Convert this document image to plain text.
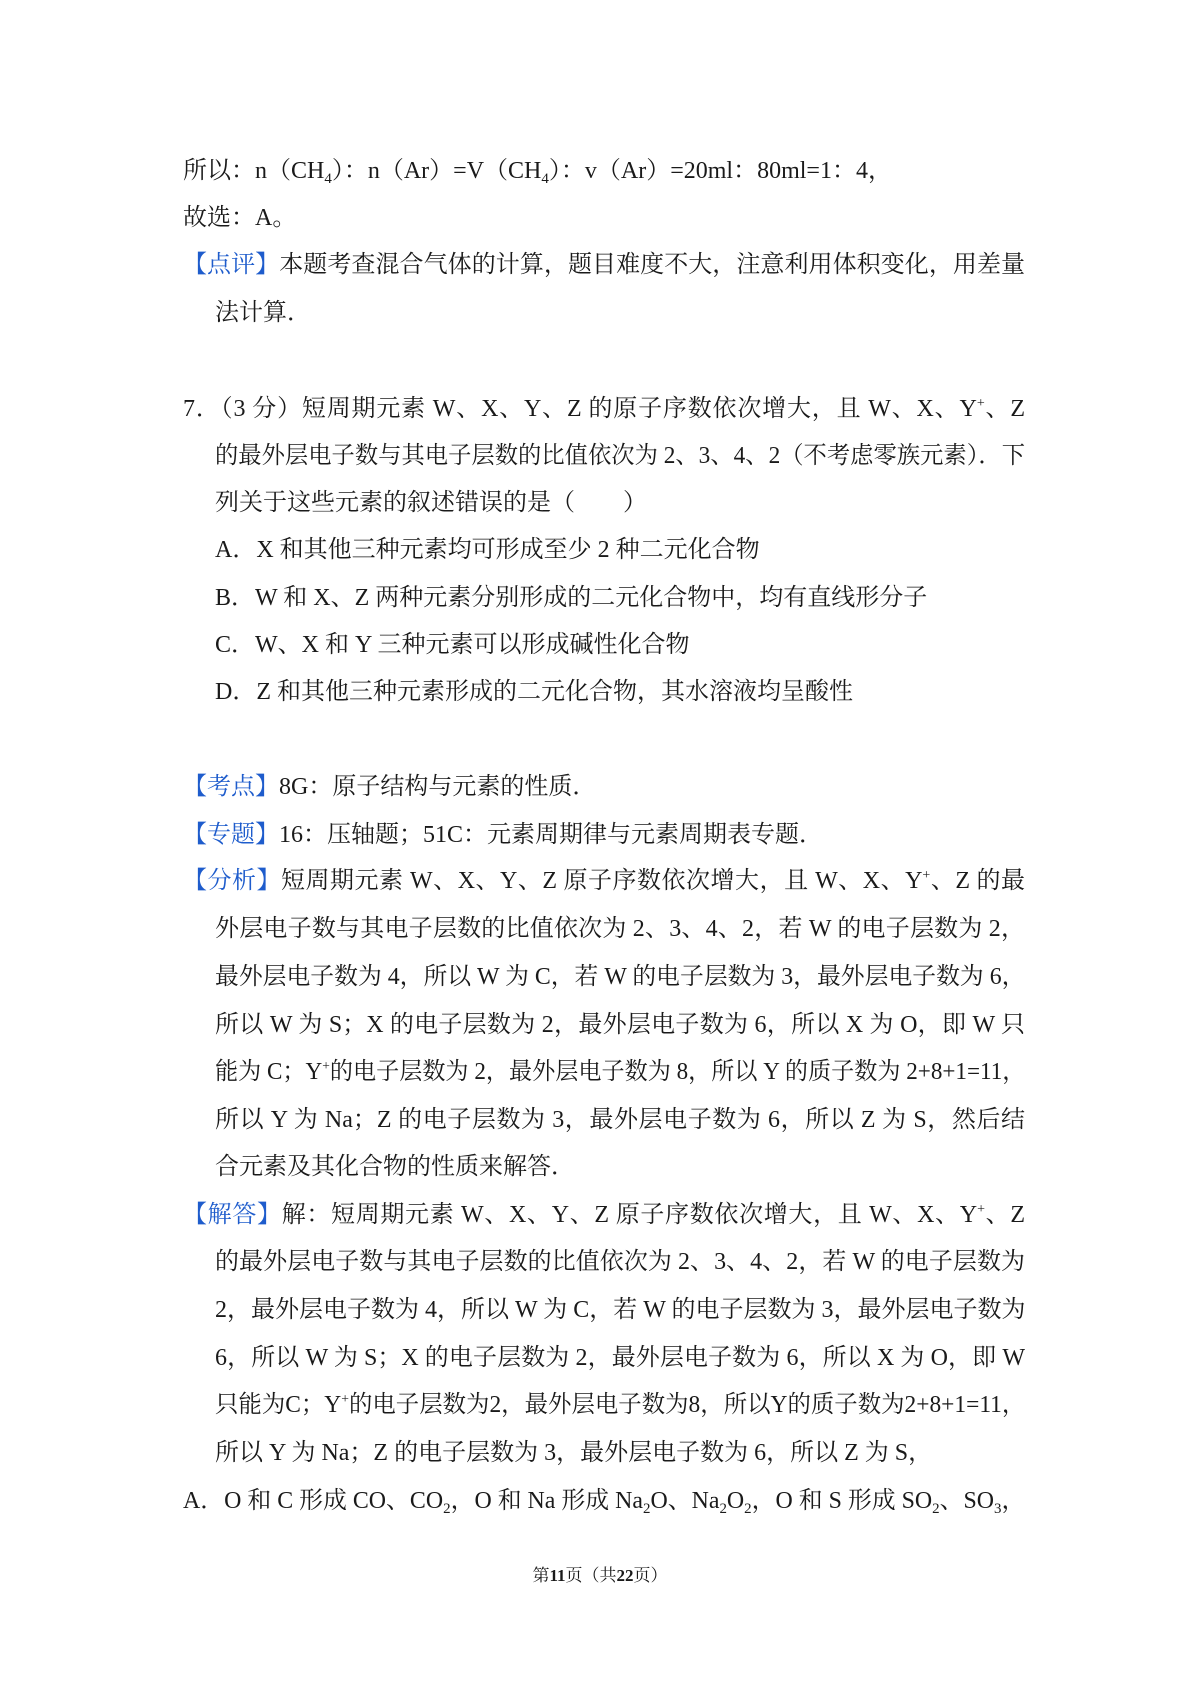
所以：$n(CH_4)$：$n(Ar)=V(CH_4)$：v（Ar）=20ml：80ml=1：4，
故选：A。
【点评】本题考查混合气体的计算，题目难度不大，注意利用体积变化，用差量
法计算．
7．（3 分）短周期元素 W、X、Y、Z 的原子序数依次增大，且 W、X、Y+、Z
的最外层电子数与其电子层数的比值依次为 2、3、4、2（不考虑零族元素）．下
列关于这些元素的叙述错误的是（　　）
A．X 和其他三种元素均可形成至少 2 种二元化合物
B．W 和 X、Z 两种元素分别形成的二元化合物中，均有直线形分子
C．W、X 和 Y 三种元素可以形成碱性化合物
D．Z 和其他三种元素形成的二元化合物，其水溶液均呈酸性
【考点】8G：原子结构与元素的性质．
【专题】16：压轴题；51C：元素周期律与元素周期表专题．
【分析】短周期元素 W、X、Y、Z 原子序数依次增大，且 W、X、Y+、Z 的最
外层电子数与其电子层数的比值依次为 2、3、4、2，若 W 的电子层数为 2，
最外层电子数为 4，所以 W 为 C，若 W 的电子层数为 3，最外层电子数为 6，
所以 W 为 S；X 的电子层数为 2，最外层电子数为 6，所以 X 为 O，即 W 只
能为 C；Y+的电子层数为 2，最外层电子数为 8，所以 Y 的质子数为 2+8+1=11，
所以 Y 为 Na；Z 的电子层数为 3，最外层电子数为 6，所以 Z 为 S，然后结
合元素及其化合物的性质来解答．
【解答】解：短周期元素 W、X、Y、Z 原子序数依次增大，且 W、X、Y+、Z
的最外层电子数与其电子层数的比值依次为 2、3、4、2，若 W 的电子层数为
2，最外层电子数为 4，所以 W 为 C，若 W 的电子层数为 3，最外层电子数为
6，所以 W 为 S；X 的电子层数为 2，最外层电子数为 6，所以 X 为 O，即 W
只能为C；Y+的电子层数为2，最外层电子数为8，所以Y的质子数为2+8+1=11，
所以 Y 为 Na；Z 的电子层数为 3，最外层电子数为 6，所以 Z 为 S，
A．O 和 C 形成 CO、$CO_2$，O 和 Na 形成 $Na_2O$、$Na_2O_2$，O 和 S 形成 $SO_2$、$SO_3$，
第11页（共22页）
